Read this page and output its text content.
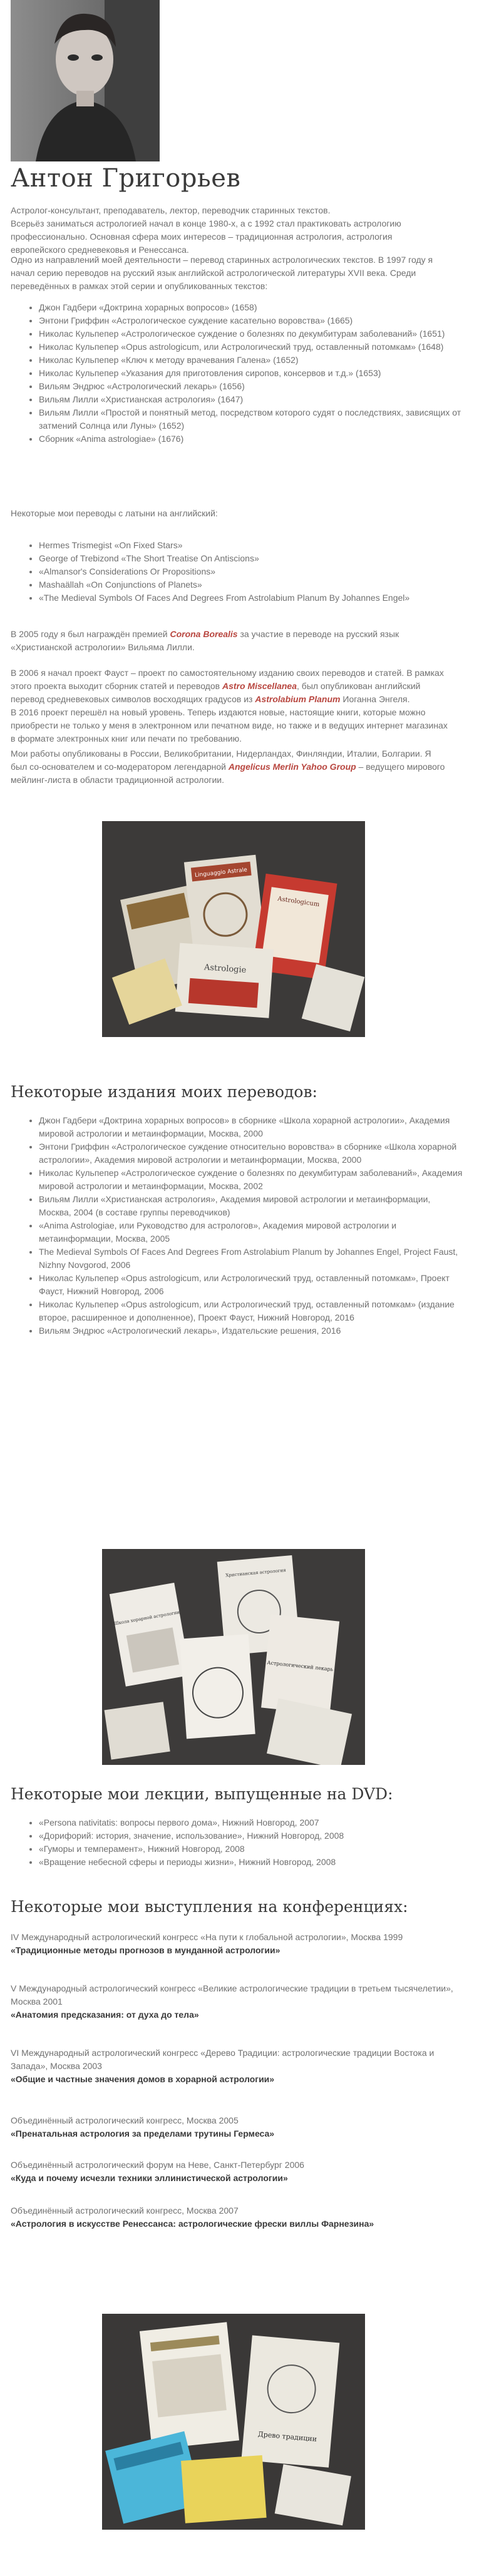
Антон Григорьев

Астролог-консультант, преподаватель, лектор, переводчик старинных текстов.
Всерьёз заниматься астрологией начал в конце 1980-х, а с 1992 стал практиковать астрологию профессионально. Основная сфера моих интересов – традиционная астрология, астрология европейского средневековья и Ренессанса.

Одно из направлений моей деятельности – перевод старинных астрологических текстов. В 1997 году я начал серию переводов на русский язык английской астрологической литературы XVII века. Среди переведённых в рамках этой серии и опубликованных текстов:

• Джон Гадбери «Доктрина хорарных вопросов» (1658)
• Энтони Гриффин «Астрологическое суждение касательно воровства» (1665)
• Николас Кульпепер «Астрологическое суждение о болезнях по декумбитурам заболеваний» (1651)
• Николас Кульпепер «Opus astrologicum, или Астрологический труд, оставленный потомкам» (1648)
• Николас Кульпепер «Ключ к методу врачевания Галена» (1652)
• Николас Кульпепер «Указания для приготовления сиропов, консервов и т.д.» (1653)
• Вильям Эндрюс «Астрологический лекарь» (1656)
• Вильям Лилли «Христианская астрология» (1647)
• Вильям Лилли «Простой и понятный метод, посредством которого судят о последствиях, зависящих от затмений Солнца или Луны» (1652)
• Сборник «Anima astrologiae» (1676)

Некоторые мои переводы с латыни на английский:

• Hermes Trismegist «On Fixed Stars»
• George of Trebizond «The Short Treatise On Antiscions»
• «Almansor's Considerations Or Propositions»
• Mashaällah «On Conjunctions of Planets»
• «The Medieval Symbols Of Faces And Degrees From Astrolabium Planum By Johannes Engel»

В 2005 году я был награждён премией Corona Borealis за участие в переводе на русский язык «Христианской астрологии» Вильяма Лилли.

В 2006 я начал проект Фауст – проект по самостоятельному изданию своих переводов и статей. В рамках этого проекта выходит сборник статей и переводов Astro Miscellanea, был опубликован английский перевод средневековых символов восходящих градусов из Astrolabium Planum Иоганна Энгеля.
В 2016 проект перешёл на новый уровень. Теперь издаются новые, настоящие книги, которые можно приобрести не только у меня в электронном или печатном виде, но также и в ведущих интернет магазинах в формате электронных книг или печати по требованию.

Мои работы опубликованы в России, Великобритании, Нидерландах, Финляндии, Италии, Болгарии. Я был со-основателем и со-модератором легендарной Angelicus Merlin Yahoo Group – ведущего мирового мейлинг-листа в области традиционной астрологии.

Linguaggio Astrale
Astrologicum
Astrologie
Некоторые издания моих переводов:
• Джон Гадбери «Доктрина хорарных вопросов» в сборнике «Школа хорарной астрологии», Академия мировой астрологии и метаинформации, Москва, 2000
• Энтони Гриффин «Астрологическое суждение относительно воровства» в сборнике «Школа хорарной астрологии», Академия мировой астрологии и метаинформации, Москва, 2000
• Николас Кульпепер «Астрологическое суждение о болезнях по декумбитурам заболеваний», Академия мировой астрологии и метаинформации, Москва, 2002
• Вильям Лилли «Христианская астрология», Академия мировой астрологии и метаинформации, Москва, 2004 (в составе группы переводчиков)
• «Anima Astrologiae, или Руководство для астрологов», Академия мировой астрологии и метаинформации, Москва, 2005
• The Medieval Symbols Of Faces And Degrees From Astrolabium Planum by Johannes Engel, Project Faust, Nizhny Novgorod, 2006
• Николас Кульпепер «Opus astrologicum, или Астрологический труд, оставленный потомкам», Проект Фауст, Нижний Новгород, 2006
• Николас Кульпепер «Opus astrologicum, или Астрологический труд, оставленный потомкам» (издание второе, расширенное и дополненное), Проект Фауст, Нижний Новгород, 2016
• Вильям Эндрюс «Астрологический лекарь», Издательские решения, 2016
Христианская астрология
Школа хорарной астрологии
Астрологический лекарь
Некоторые мои лекции, выпущенные на DVD:
• «Persona nativitatis: вопросы первого дома», Нижний Новгород, 2007
• «Дорифорий: история, значение, использование», Нижний Новгород, 2008
• «Гуморы и темперамент», Нижний Новгород, 2008
• «Вращение небесной сферы и периоды жизни», Нижний Новгород, 2008
Некоторые мои выступления на конференциях:

IV Международный астрологический конгресс «На пути к глобальной астрологии», Москва 1999

«Традиционные методы прогнозов в мунданной астрологии»

V Международный астрологический конгресс «Великие астрологические традиции в третьем тысячелетии», Москва 2001

«Анатомия предсказания: от духа до тела»

VI Международный астрологический конгресс «Дерево Традиции: астрологические традиции Востока и Запада», Москва 2003

«Общие и частные значения домов в хорарной астрологии»

Объединённый астрологический конгресс, Москва 2005

«Пренатальная астрология за пределами трутины Гермеса»

Объединённый астрологический форум на Неве, Санкт-Петербург 2006

«Куда и почему исчезли техники эллинистической астрологии»

Объединённый астрологический конгресс, Москва 2007

«Астрология в искусстве Ренессанса: астрологические фрески виллы Фарнезина»

Древо традиции
